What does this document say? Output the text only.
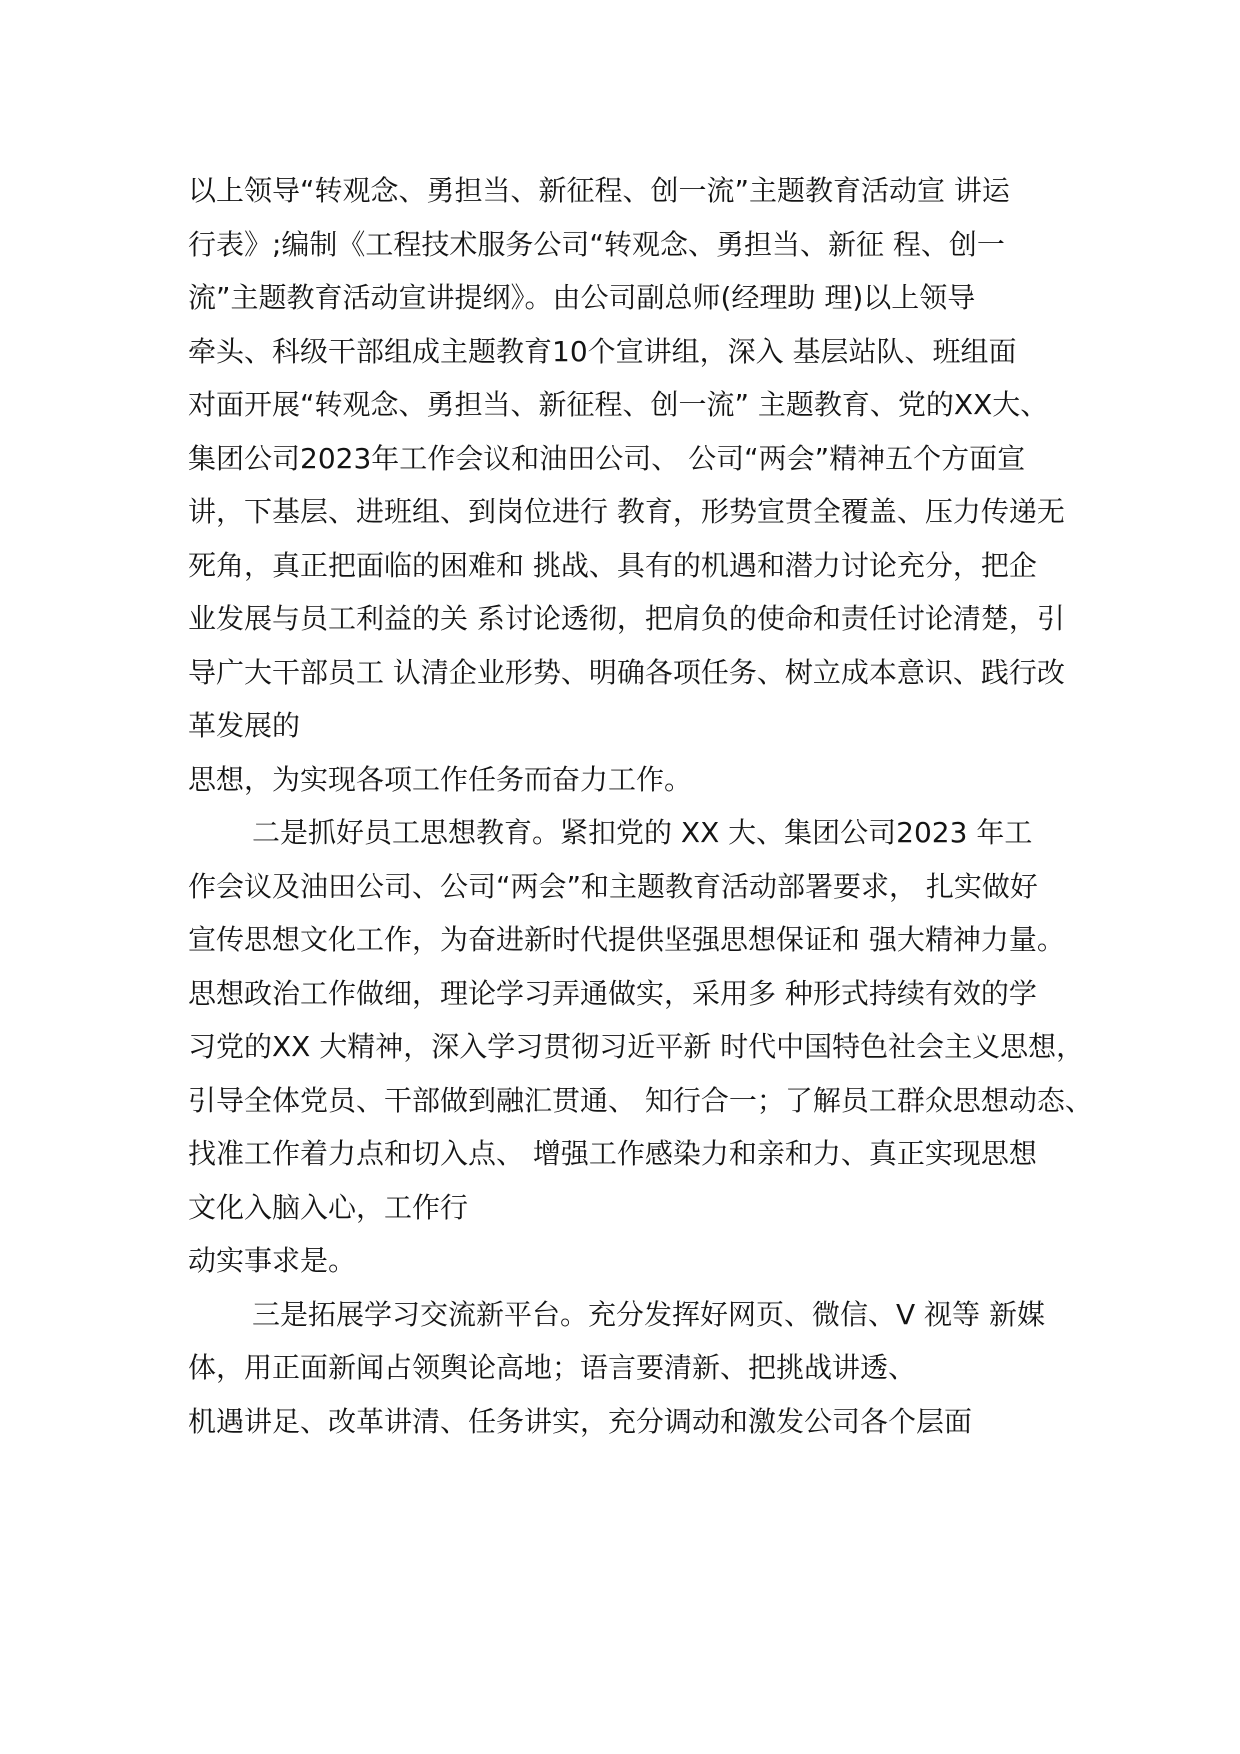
以上领导“转观念、勇担当、新征程、创一流”主题教育活动宣 讲运
行表》;编制《工程技术服务公司“转观念、勇担当、新征 程、创一
流”主题教育活动宣讲提纲》。由公司副总师(经理助 理)以上领导
牵头、科级干部组成主题教育10个宣讲组，深入 基层站队、班组面
对面开展“转观念、勇担当、新征程、创一流” 主题教育、党的XX大、
集团公司2023年工作会议和油田公司、 公司“两会”精神五个方面宣
讲，下基层、进班组、到岗位进行 教育，形势宣贯全覆盖、压力传递无
死角，真正把面临的困难和 挑战、具有的机遇和潜力讨论充分，把企
业发展与员工利益的关 系讨论透彻，把肩负的使命和责任讨论清楚，引
导广大干部员工 认清企业形势、明确各项任务、树立成本意识、践行改
革发展的
思想，为实现各项工作任务而奋力工作。
二是抓好员工思想教育。紧扣党的 XX 大、集团公司2023 年工
作会议及油田公司、公司“两会”和主题教育活动部署要求， 扎实做好
宣传思想文化工作，为奋进新时代提供坚强思想保证和 强大精神力量。
思想政治工作做细，理论学习弄通做实，采用多 种形式持续有效的学
习党的XX 大精神，深入学习贯彻习近平新 时代中国特色社会主义思想，
引导全体党员、干部做到融汇贯通、 知行合一；了解员工群众思想动态、
找准工作着力点和切入点、 增强工作感染力和亲和力、真正实现思想
文化入脑入心，工作行
动实事求是。
三是拓展学习交流新平台。充分发挥好网页、微信、V 视等 新媒
体，用正面新闻占领舆论高地；语言要清新、把挑战讲透、
机遇讲足、改革讲清、任务讲实，充分调动和激发公司各个层面
